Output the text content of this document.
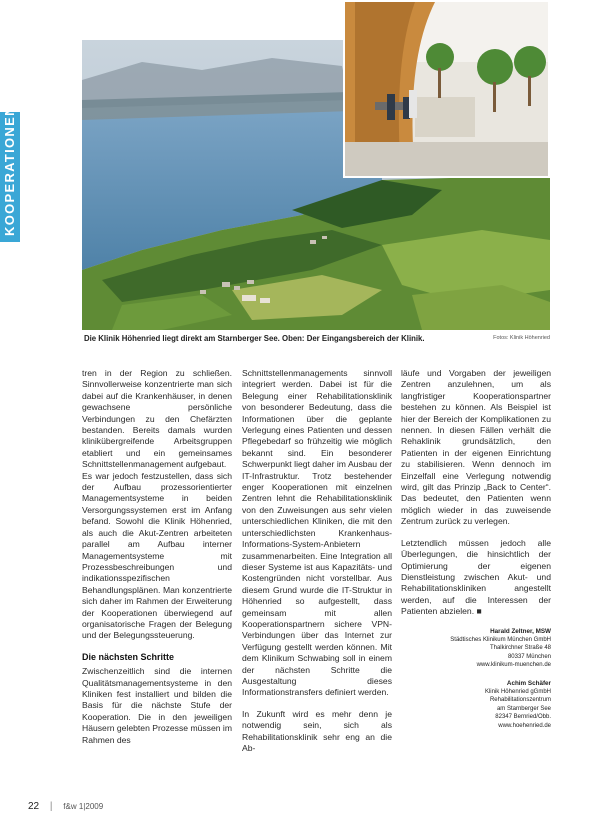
KOOPERATIONEN
Die Klinik Höhenried liegt direkt am Starnberger See. Oben: Der Eingangsbereich der Klinik.	Fotos: Klinik Höhenried

tren in der Region zu schließen. Sinnvollerweise konzentrierte man sich dabei auf die Krankenhäuser, in denen gewachsene persönliche Verbindungen zu den Chefärzten bestanden. Bereits damals wurden klinikübergreifende Arbeitsgruppen etabliert und ein gemeinsames Schnittstellenmanagement aufgebaut.

Es war jedoch festzustellen, dass sich der Aufbau prozessorientierter Managementsysteme in beiden Versorgungssystemen erst im Anfang befand. Sowohl die Klinik Höhenried, als auch die Akut-Zentren arbeiteten parallel am Aufbau interner Managementsysteme mit Prozessbeschreibungen und indikationsspezifischen Behandlungsplänen. Man konzentrierte sich daher im Rahmen der Erweiterung der Kooperationen überwiegend auf organisatorische Fragen der Belegung und der Belegungssteuerung.

Die nächsten Schritte

Zwischenzeitlich sind die internen Qualitätsmanagementsysteme in den Kliniken fest installiert und bilden die Basis für die nächste Stufe der Kooperation. Die in den jeweiligen Häusern gelebten Prozesse müssen im Rahmen des

Schnittstellenmanagements sinnvoll integriert werden. Dabei ist für die Belegung einer Rehabilitationsklinik von besonderer Bedeutung, dass die Informationen über die geplante Verlegung eines Patienten und dessen Pflegebedarf so frühzeitig wie möglich bekannt sind. Ein besonderer Schwerpunkt liegt daher im Ausbau der IT-Infrastruktur. Trotz bestehender enger Kooperationen mit einzelnen Zentren lehnt die Rehabilitationsklinik von den Zuweisungen aus sehr vielen unterschiedlichen Kliniken, die mit den unterschiedlichsten Krankenhaus-Informations-System-Anbietern zusammenarbeiten. Eine Integration all dieser Systeme ist aus Kapazitäts- und Kostengründen nicht vorstellbar. Aus diesem Grund wurde die IT-Struktur in Höhenried so aufgestellt, dass gemeinsam mit allen Kooperationspartnern sichere VPN-Verbindungen über das Internet zur Verfügung gestellt werden können. Mit dem Klinikum Schwabing soll in einem der nächsten Schritte die Ausgestaltung dieses Informationstransfers definiert werden.

In Zukunft wird es mehr denn je notwendig sein, sich als Rehabilitationsklinik sehr eng an die Ab-

läufe und Vorgaben der jeweiligen Zentren anzulehnen, um als langfristiger Kooperationspartner bestehen zu können. Als Beispiel ist hier der Bereich der Komplikationen zu nennen. In diesen Fällen verhält die Rehaklinik grundsätzlich, den Patienten in der eigenen Einrichtung zu stabilisieren. Wenn dennoch im Einzelfall eine Verlegung notwendig wird, gilt das Prinzip „Back to Center“. Das bedeutet, den Patienten wenn möglich wieder in das zuweisende Zentrum zurück zu verlegen.

Letztendlich müssen jedoch alle Überlegungen, die hinsichtlich der Optimierung der eigenen Dienstleistung zwischen Akut- und Rehabilitationskliniken angestellt werden, auf die Interessen der Patienten abzielen. ■

Harald Zeltner, MSW
Städtisches Klinikum München GmbH
Thalkirchner Straße 48
80337 München
www.klinikum-muenchen.de
Achim Schäfer
Klinik Höhenried gGmbH
Rehabilitationszentrum
am Starnberger See
82347 Bernried/Obb.
www.hoehenried.de
22 | f&w 1|2009
